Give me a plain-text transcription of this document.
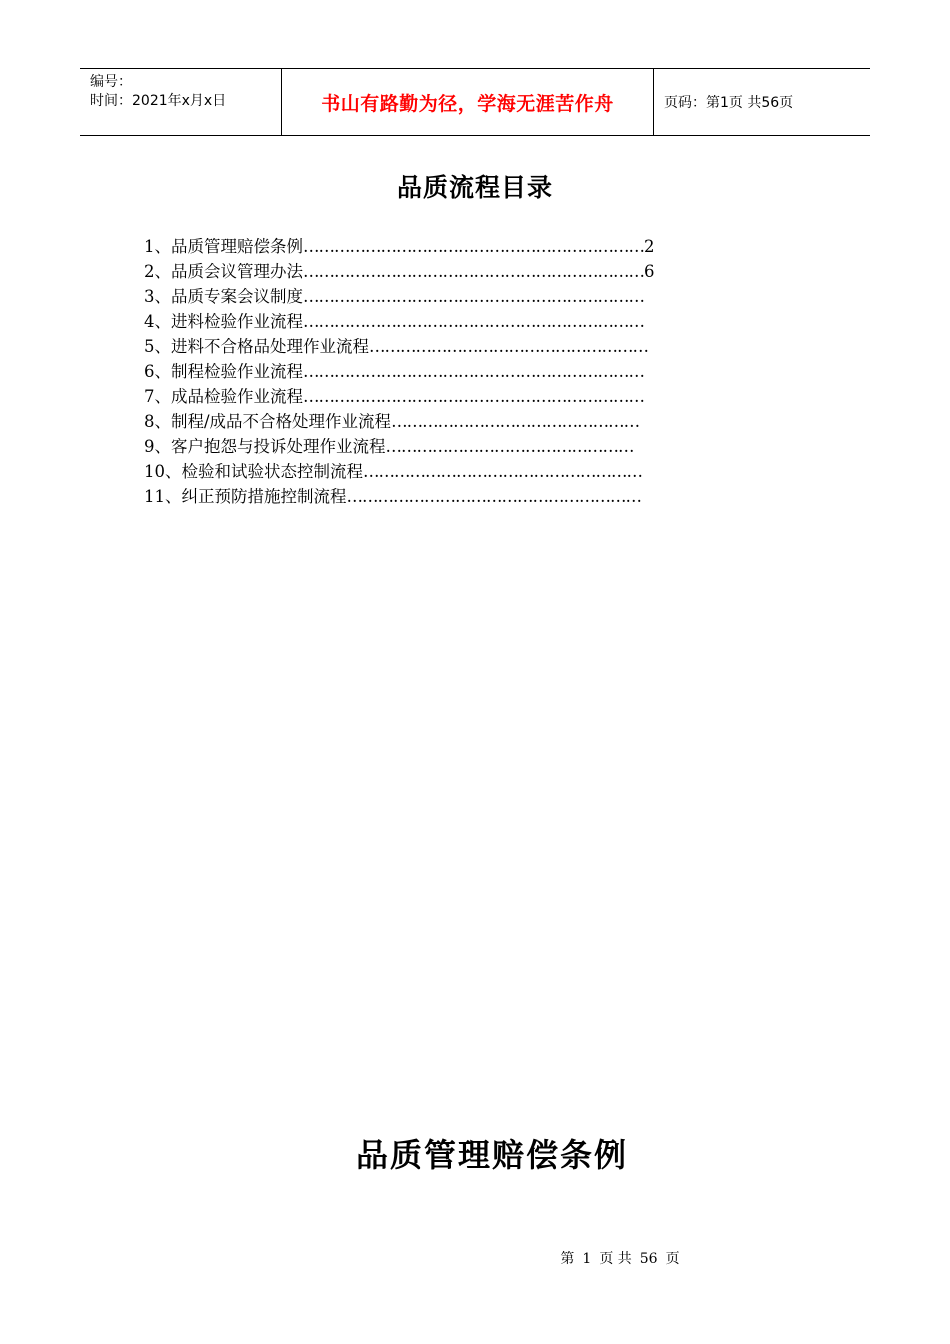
编号：
时间：2021年x月x日	书山有路勤为径，学海无涯苦作舟	页码：第1页 共56页
品质流程目录
1、品质管理赔偿条例 ………………………………………………………… 2
2、品质会议管理办法 ………………………………………………………… 6
3、品质专案会议制度 …………………………………………………………
4、进料检验作业流程 …………………………………………………………
5、进料不合格品处理作业流程 ………………………………………………
6、制程检验作业流程 …………………………………………………………
7、成品检验作业流程 …………………………………………………………
8、制程/成品不合格处理作业流程 …………………………………………
9、客户抱怨与投诉处理作业流程 …………………………………………
10、检验和试验状态控制流程 ………………………………………………
11、纠正预防措施控制流程 …………………………………………………
品质管理赔偿条例
第 1 页 共 56 页
